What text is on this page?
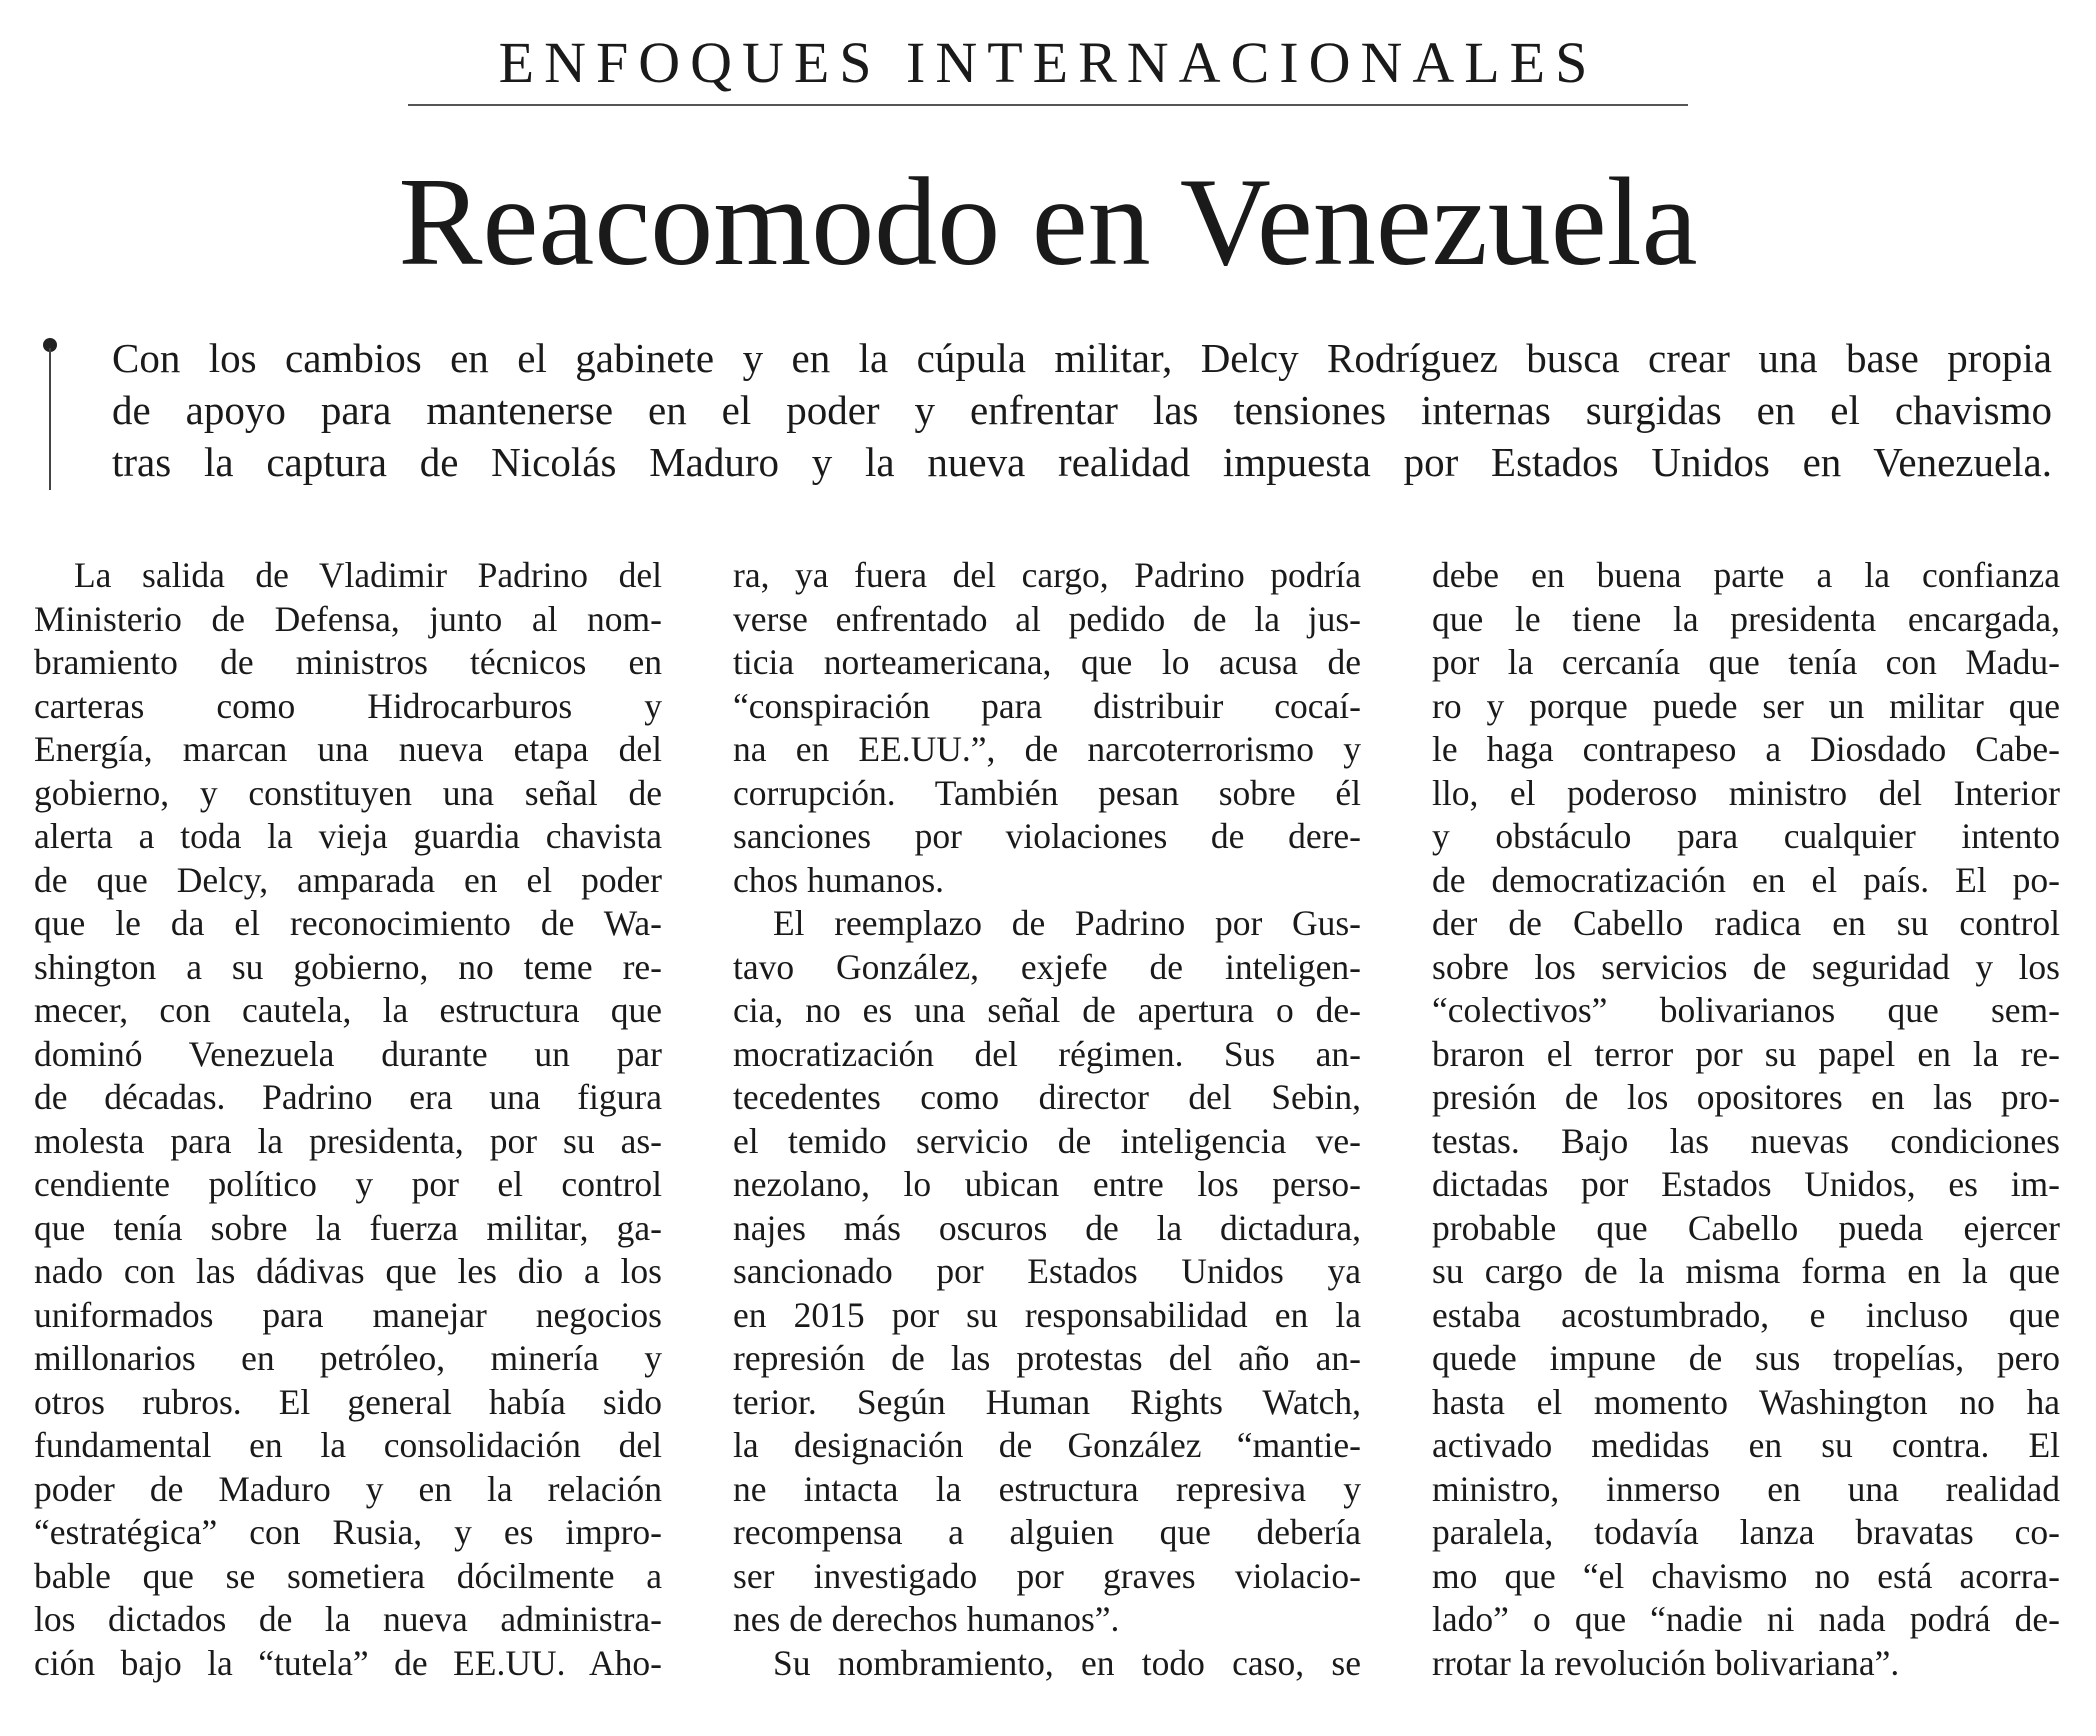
ENFOQUES INTERNACIONALES
Reacomodo en Venezuela
Con los cambios en el gabinete y en la cúpula militar, Delcy Rodríguez busca crear una base propia
de apoyo para mantenerse en el poder y enfrentar las tensiones internas surgidas en el chavismo
tras la captura de Nicolás Maduro y la nueva realidad impuesta por Estados Unidos en Venezuela.
La salida de Vladimir Padrino del
Ministerio de Defensa, junto al nom-
bramiento de ministros técnicos en
carteras como Hidrocarburos y
Energía, marcan una nueva etapa del
gobierno, y constituyen una señal de
alerta a toda la vieja guardia chavista
de que Delcy, amparada en el poder
que le da el reconocimiento de Wa-
shington a su gobierno, no teme re-
mecer, con cautela, la estructura que
dominó Venezuela durante un par
de décadas. Padrino era una figura
molesta para la presidenta, por su as-
cendiente político y por el control
que tenía sobre la fuerza militar, ga-
nado con las dádivas que les dio a los
uniformados para manejar negocios
millonarios en petróleo, minería y
otros rubros. El general había sido
fundamental en la consolidación del
poder de Maduro y en la relación
“estratégica” con Rusia, y es impro-
bable que se sometiera dócilmente a
los dictados de la nueva administra-
ción bajo la “tutela” de EE.UU. Aho-
ra, ya fuera del cargo, Padrino podría
verse enfrentado al pedido de la jus-
ticia norteamericana, que lo acusa de
“conspiración para distribuir cocaí-
na en EE.UU.”, de narcoterrorismo y
corrupción. También pesan sobre él
sanciones por violaciones de dere-
chos humanos.
El reemplazo de Padrino por Gus-
tavo González, exjefe de inteligen-
cia, no es una señal de apertura o de-
mocratización del régimen. Sus an-
tecedentes como director del Sebin,
el temido servicio de inteligencia ve-
nezolano, lo ubican entre los perso-
najes más oscuros de la dictadura,
sancionado por Estados Unidos ya
en 2015 por su responsabilidad en la
represión de las protestas del año an-
terior. Según Human Rights Watch,
la designación de González “mantie-
ne intacta la estructura represiva y
recompensa a alguien que debería
ser investigado por graves violacio-
nes de derechos humanos”.
Su nombramiento, en todo caso, se
debe en buena parte a la confianza
que le tiene la presidenta encargada,
por la cercanía que tenía con Madu-
ro y porque puede ser un militar que
le haga contrapeso a Diosdado Cabe-
llo, el poderoso ministro del Interior
y obstáculo para cualquier intento
de democratización en el país. El po-
der de Cabello radica en su control
sobre los servicios de seguridad y los
“colectivos” bolivarianos que sem-
braron el terror por su papel en la re-
presión de los opositores en las pro-
testas. Bajo las nuevas condiciones
dictadas por Estados Unidos, es im-
probable que Cabello pueda ejercer
su cargo de la misma forma en la que
estaba acostumbrado, e incluso que
quede impune de sus tropelías, pero
hasta el momento Washington no ha
activado medidas en su contra. El
ministro, inmerso en una realidad
paralela, todavía lanza bravatas co-
mo que “el chavismo no está acorra-
lado” o que “nadie ni nada podrá de-
rrotar la revolución bolivariana”.
